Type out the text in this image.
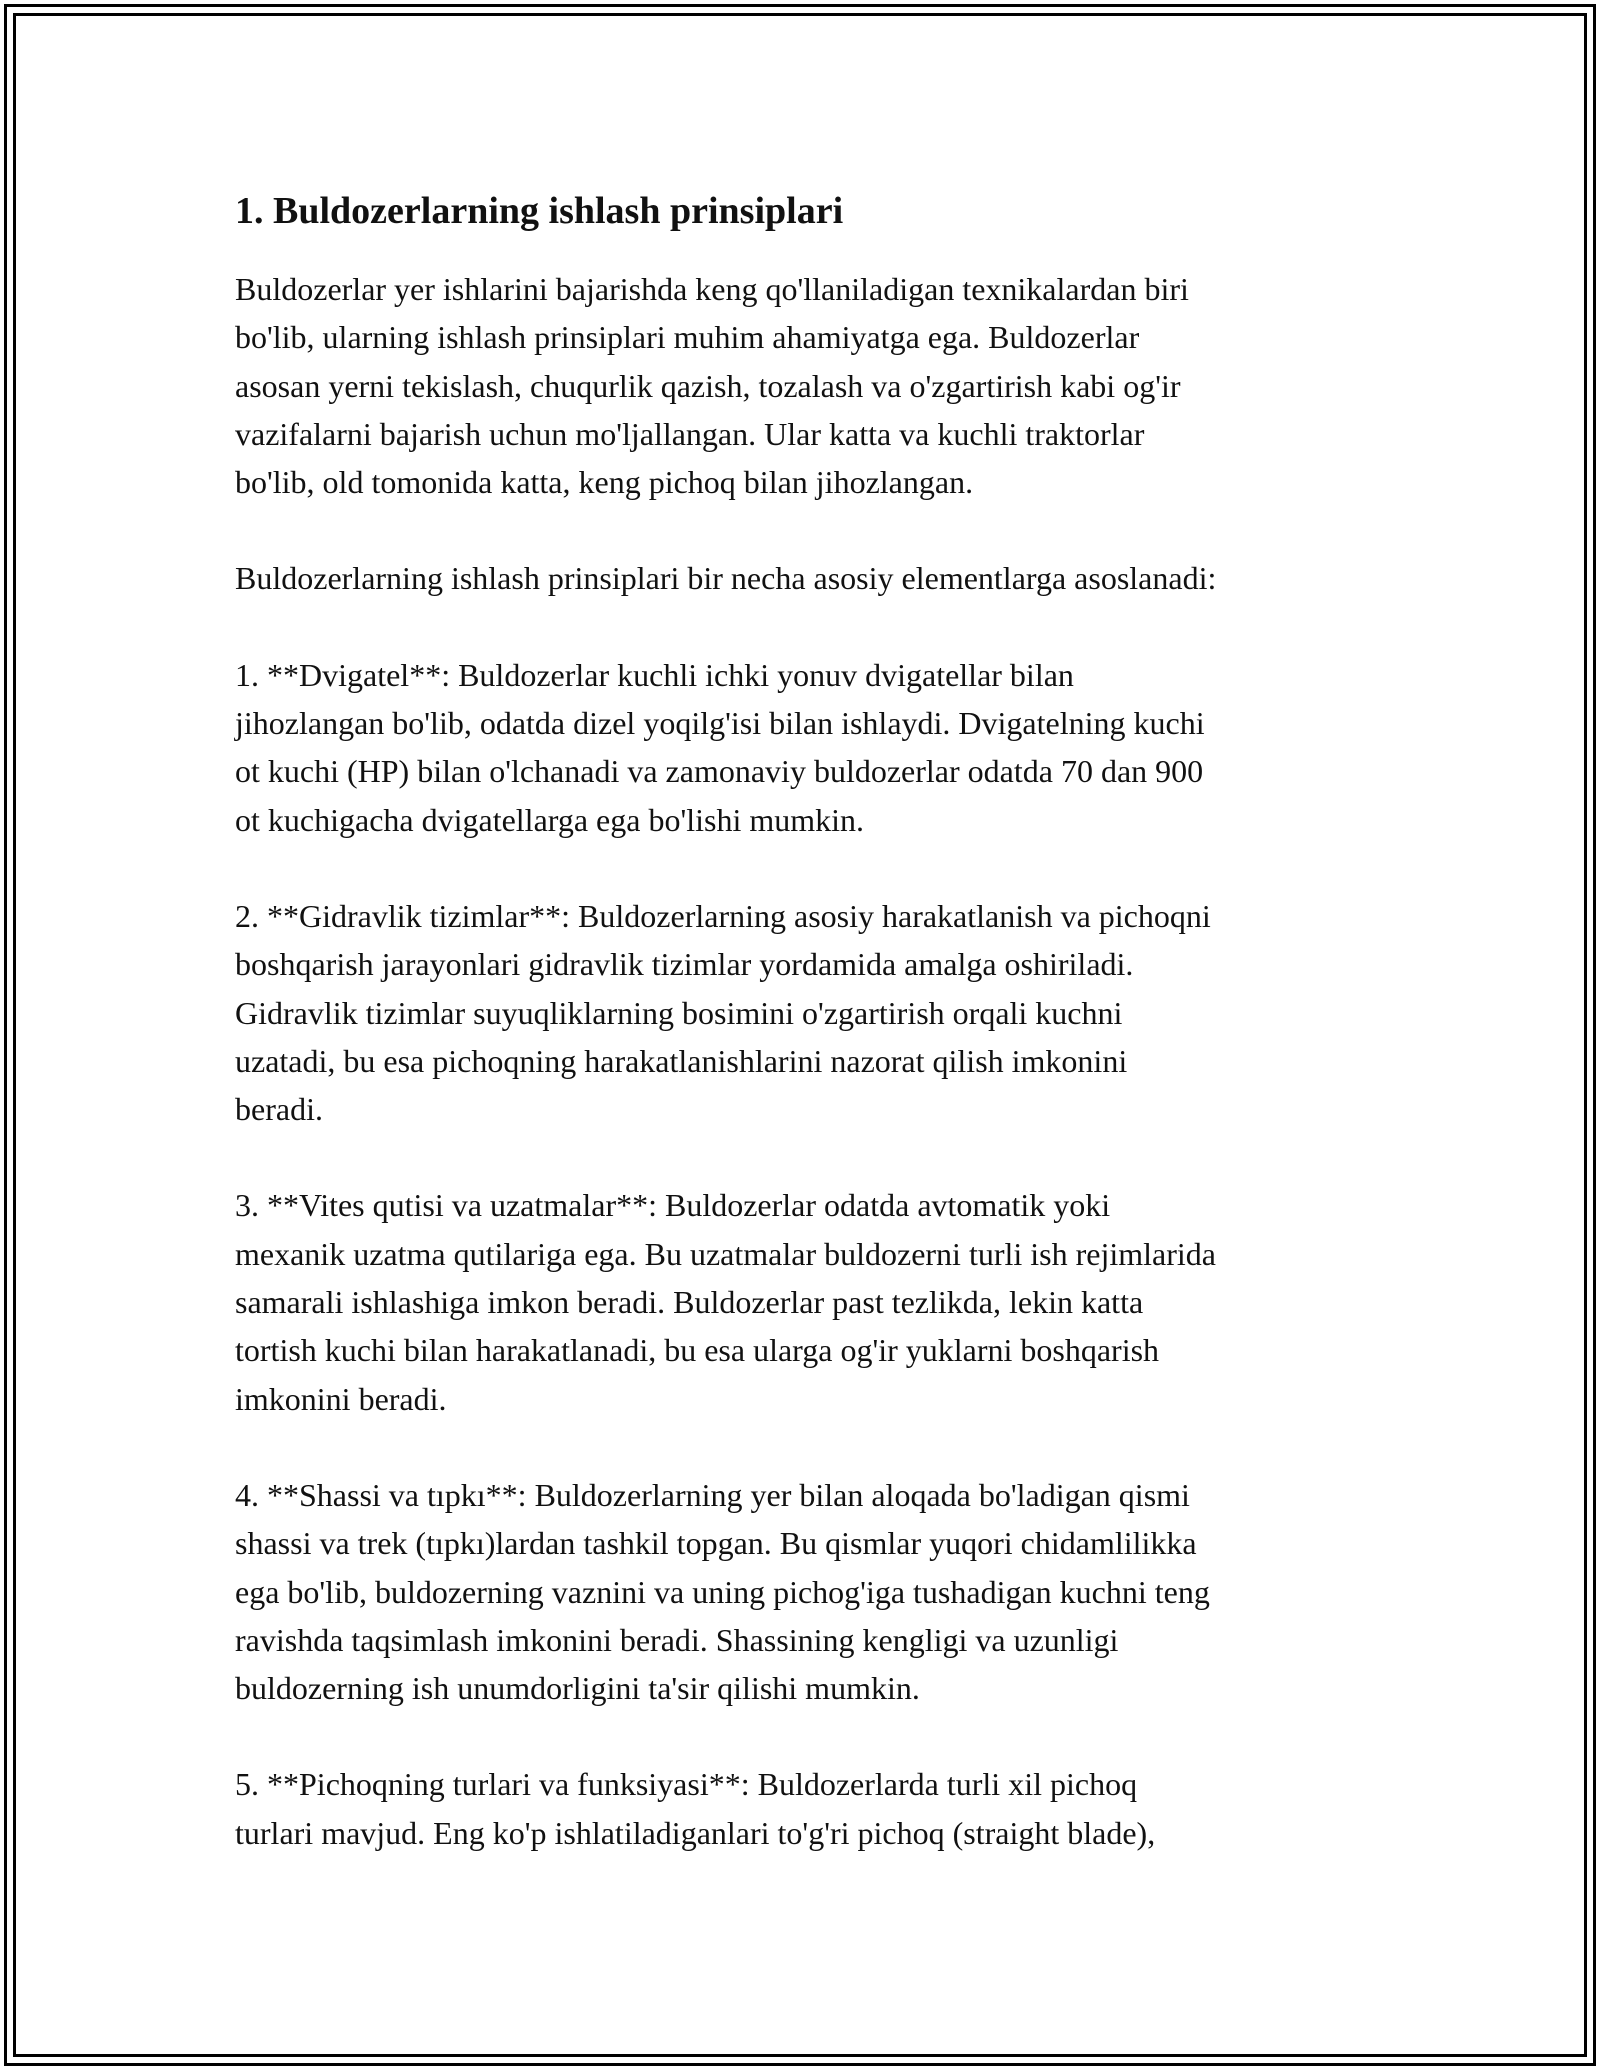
1. Buldozerlarning ishlash prinsiplari

Buldozerlar yer ishlarini bajarishda keng qo'llaniladigan texnikalardan biri
bo'lib, ularning ishlash prinsiplari muhim ahamiyatga ega. Buldozerlar
asosan yerni tekislash, chuqurlik qazish, tozalash va o'zgartirish kabi og'ir
vazifalarni bajarish uchun mo'ljallangan. Ular katta va kuchli traktorlar
bo'lib, old tomonida katta, keng pichoq bilan jihozlangan.

Buldozerlarning ishlash prinsiplari bir necha asosiy elementlarga asoslanadi:

1. **Dvigatel**: Buldozerlar kuchli ichki yonuv dvigatellar bilan
jihozlangan bo'lib, odatda dizel yoqilg'isi bilan ishlaydi. Dvigatelning kuchi
ot kuchi (HP) bilan o'lchanadi va zamonaviy buldozerlar odatda 70 dan 900
ot kuchigacha dvigatellarga ega bo'lishi mumkin.

2. **Gidravlik tizimlar**: Buldozerlarning asosiy harakatlanish va pichoqni
boshqarish jarayonlari gidravlik tizimlar yordamida amalga oshiriladi.
Gidravlik tizimlar suyuqliklarning bosimini o'zgartirish orqali kuchni
uzatadi, bu esa pichoqning harakatlanishlarini nazorat qilish imkonini
beradi.

3. **Vites qutisi va uzatmalar**: Buldozerlar odatda avtomatik yoki
mexanik uzatma qutilariga ega. Bu uzatmalar buldozerni turli ish rejimlarida
samarali ishlashiga imkon beradi. Buldozerlar past tezlikda, lekin katta
tortish kuchi bilan harakatlanadi, bu esa ularga og'ir yuklarni boshqarish
imkonini beradi.

4. **Shassi va tıpkı**: Buldozerlarning yer bilan aloqada bo'ladigan qismi
shassi va trek (tıpkı)lardan tashkil topgan. Bu qismlar yuqori chidamlilikka
ega bo'lib, buldozerning vaznini va uning pichog'iga tushadigan kuchni teng
ravishda taqsimlash imkonini beradi. Shassining kengligi va uzunligi
buldozerning ish unumdorligini ta'sir qilishi mumkin.

5. **Pichoqning turlari va funksiyasi**: Buldozerlarda turli xil pichoq
turlari mavjud. Eng ko'p ishlatiladiganlari to'g'ri pichoq (straight blade),
